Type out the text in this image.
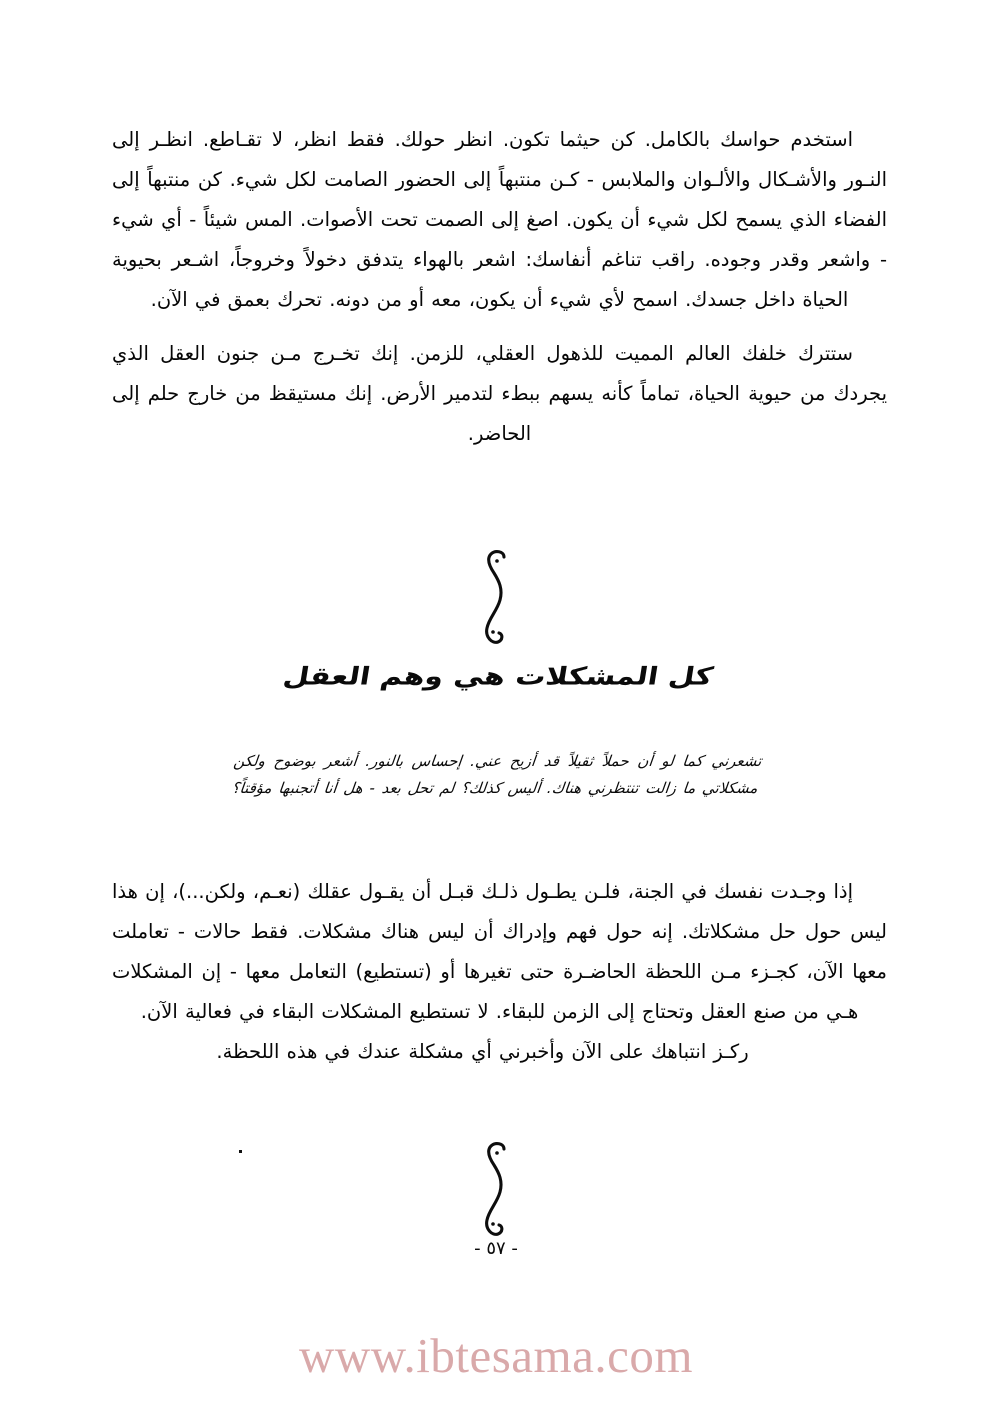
استخدم حواسك بالكامل. كن حيثما تكون. انظر حولك. فقط انظر، لا تقـاطع. انظـر إلى النـور والأشـكال والألـوان والملابس - كـن منتبهاً إلى الحضور الصامت لكل شيء. كن منتبهاً إلى الفضاء الذي يسمح لكل شيء أن يكون. اصغ إلى الصمت تحت الأصوات. المس شيئاً - أي شيء - واشعر وقدر وجوده. راقب تناغم أنفاسك: اشعر بالهواء يتدفق دخولاً وخروجاً، اشـعر بحيوية الحياة داخل جسدك. اسمح لأي شيء أن يكون، معه أو من دونه. تحرك بعمق في الآن.

ستترك خلفك العالم المميت للذهول العقلي، للزمن. إنك تخـرج مـن جنون العقل الذي يجردك من حيوية الحياة، تماماً كأنه يسهم ببطء لتدمير الأرض. إنك مستيقظ من خارج حلم إلى الحاضر.

كل المشكلات هي وهم العقل

تشعرني كما لو أن حملاً ثقيلاً قد أزيح عني. إحساس بالنور. أشعر بوضوح ولكن مشكلاتي ما زالت تنتظرني هناك. أليس كذلك؟ لم تحل بعد - هل أنا أتجنبها مؤقتاً؟

إذا وجـدت نفسك في الجنة، فلـن يطـول ذلـك قبـل أن يقـول عقلك (نعـم، ولكن...)، إن هذا ليس حول حل مشكلاتك. إنه حول فهم وإدراك أن ليس هناك مشكلات. فقط حالات - تعاملت معها الآن، كجـزء مـن اللحظة الحاضـرة حتى تغيرها أو (تستطيع) التعامل معها - إن المشكلات هـي من صنع العقل وتحتاج إلى الزمن للبقاء. لا تستطيع المشكلات البقاء في فعالية الآن.

ركـز انتباهك على الآن وأخبرني أي مشكلة عندك في هذه اللحظة.

- ٥٧ -
www.ibtesama.com
